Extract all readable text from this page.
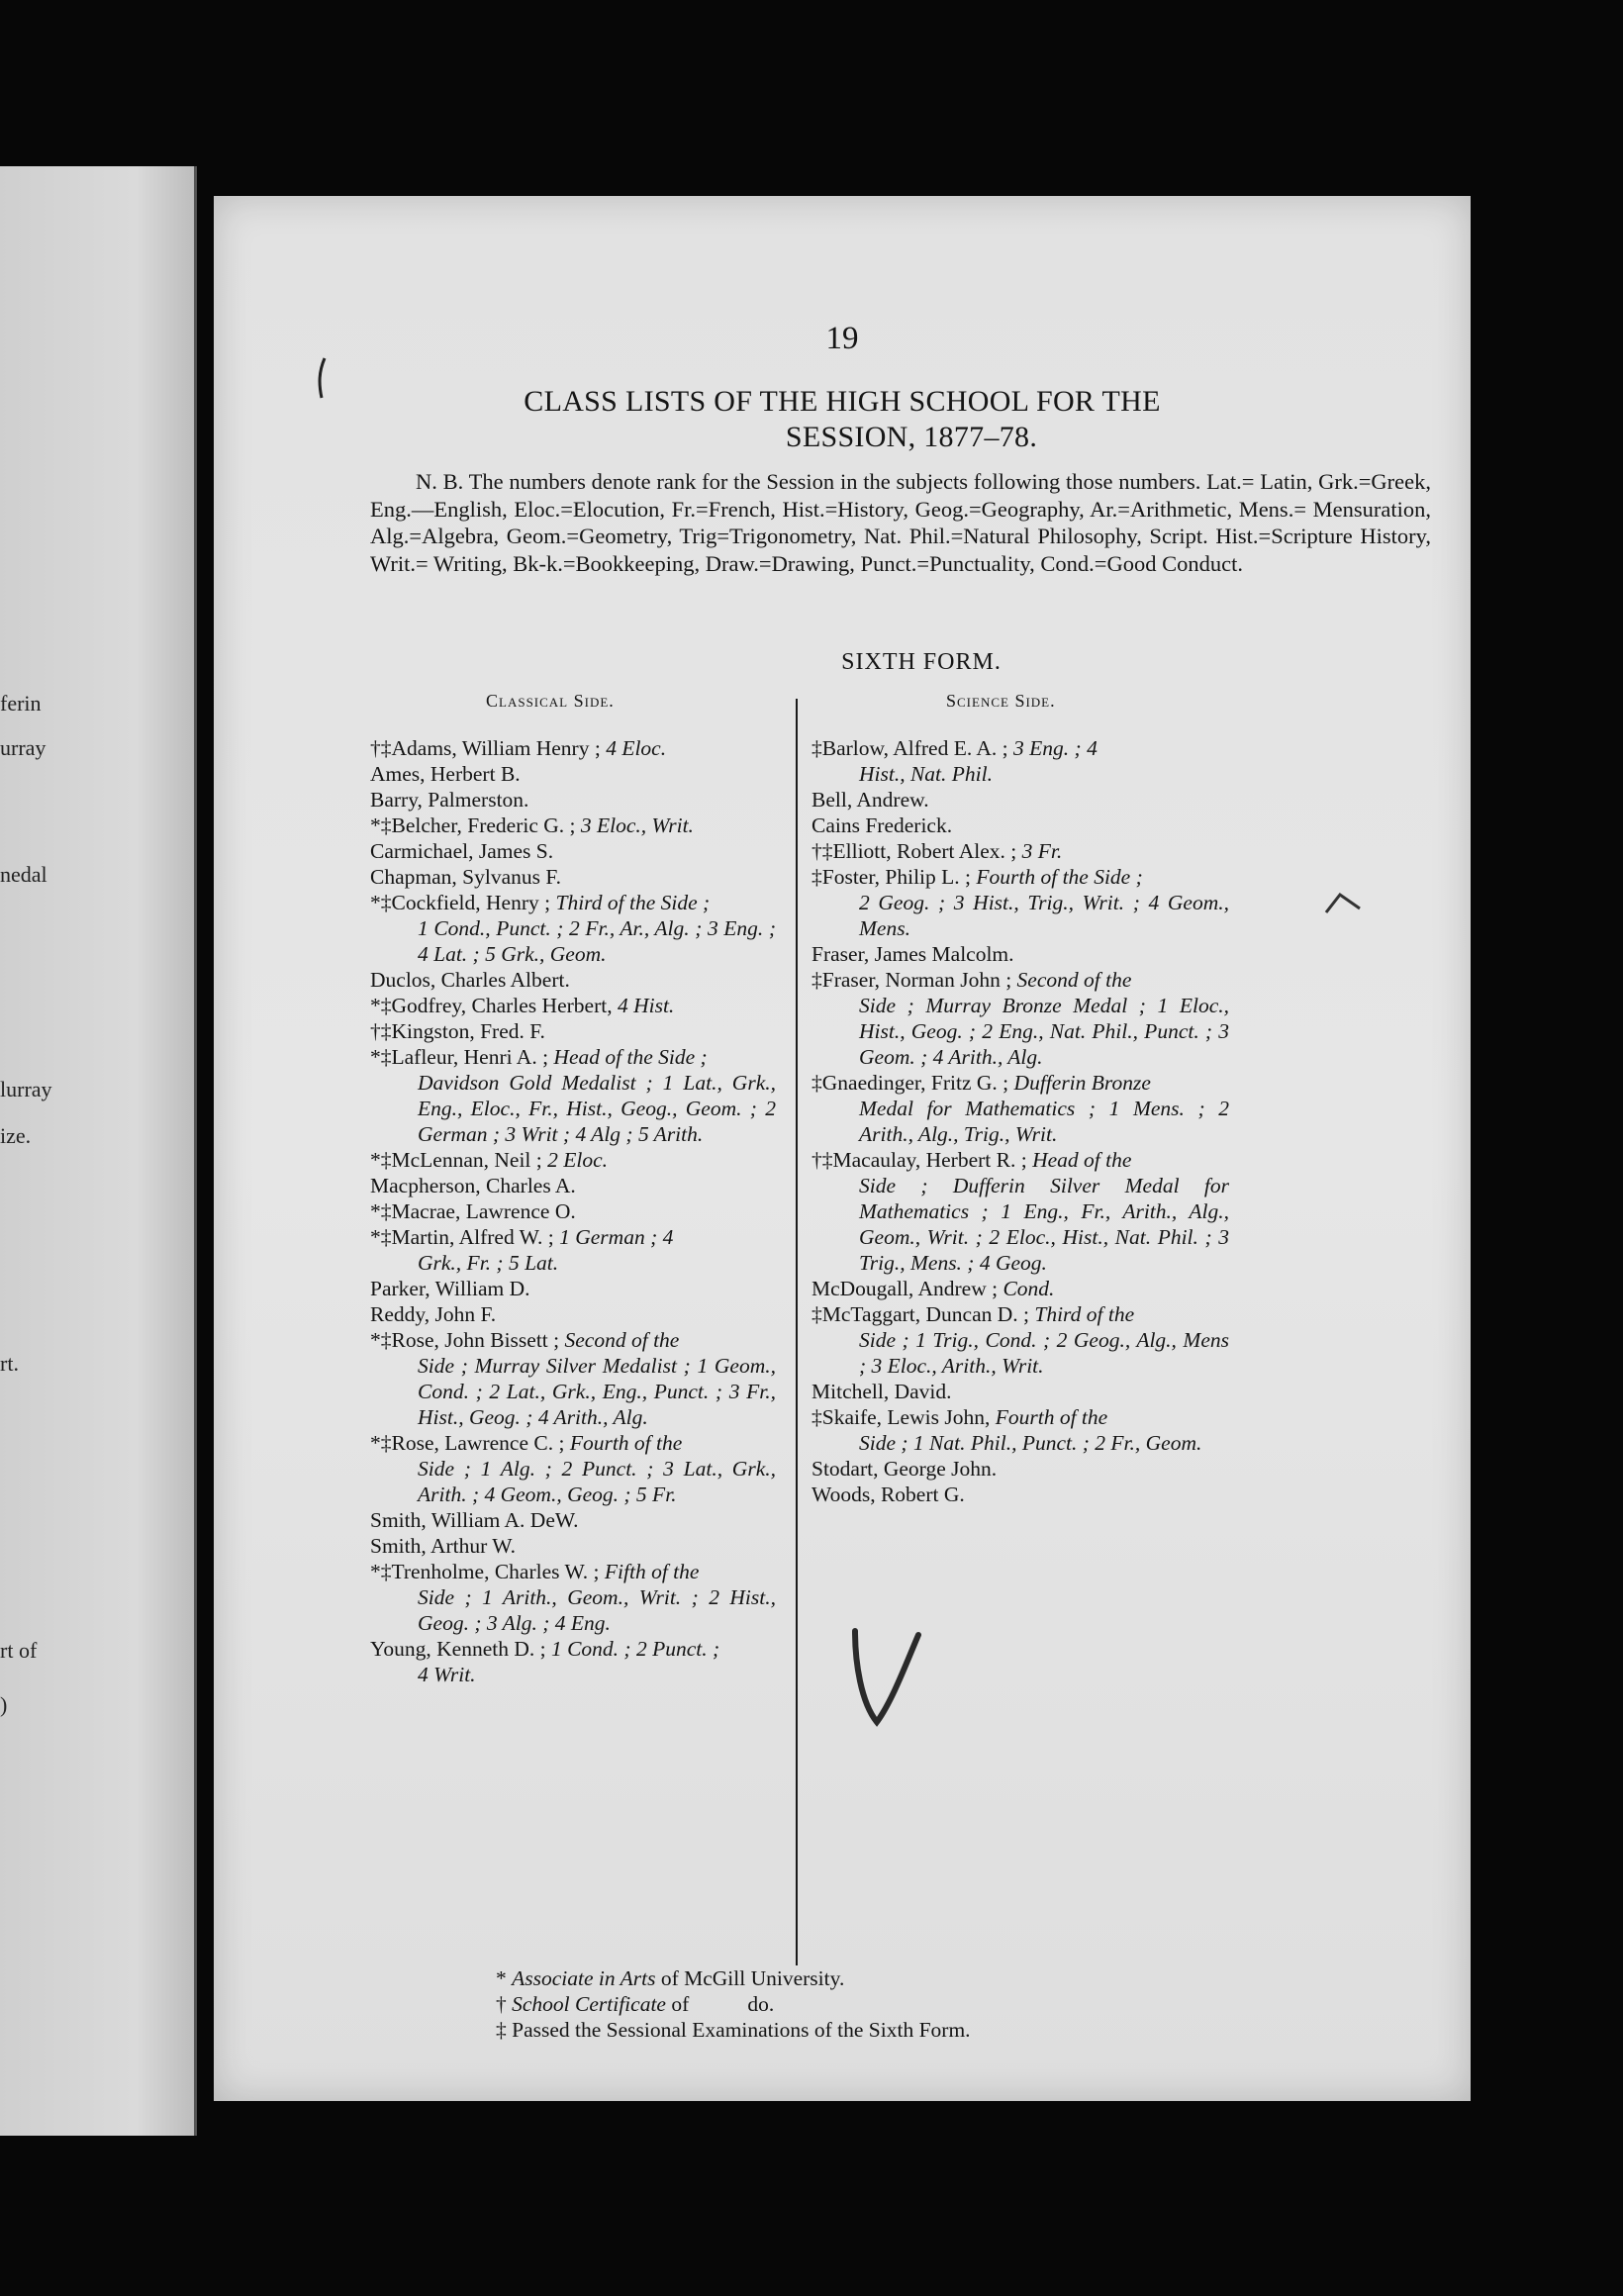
ferin
urray
nedal
lurray
ize.
rt.
rt of
)
19
CLASS LISTS OF THE HIGH SCHOOL FOR THE
SESSION, 1877–78.
N. B. The numbers denote rank for the Session in the subjects following those numbers. Lat.= Latin, Grk.=Greek, Eng.—English, Eloc.=Elocution, Fr.=French, Hist.=History, Geog.=Geography, Ar.=Arithmetic, Mens.= Mensuration, Alg.=Algebra, Geom.=Geometry, Trig=Trigonometry, Nat. Phil.=Natural Philosophy, Script. Hist.=Scripture History, Writ.= Writing, Bk-k.=Bookkeeping, Draw.=Drawing, Punct.=Punctuality, Cond.=Good Conduct.
SIXTH FORM.
Classical Side.	Science Side.
†‡Adams, William Henry ; 4 Eloc.
Ames, Herbert B.
Barry, Palmerston.
*‡Belcher, Frederic G. ; 3 Eloc., Writ.
Carmichael, James S.
Chapman, Sylvanus F.
*‡Cockfield, Henry ; Third of the Side ;
1 Cond., Punct. ; 2 Fr., Ar., Alg. ; 3 Eng. ; 4 Lat. ; 5 Grk., Geom.
Duclos, Charles Albert.
*‡Godfrey, Charles Herbert, 4 Hist.
†‡Kingston, Fred. F.
*‡Lafleur, Henri A. ; Head of the Side ;
Davidson Gold Medalist ; 1 Lat., Grk., Eng., Eloc., Fr., Hist., Geog., Geom. ; 2 German ; 3 Writ ; 4 Alg ; 5 Arith.
*‡McLennan, Neil ; 2 Eloc.
Macpherson, Charles A.
*‡Macrae, Lawrence O.
*‡Martin, Alfred W. ; 1 German ; 4
Grk., Fr. ; 5 Lat.
Parker, William D.
Reddy, John F.
*‡Rose, John Bissett ; Second of the
Side ; Murray Silver Medalist ; 1 Geom., Cond. ; 2 Lat., Grk., Eng., Punct. ; 3 Fr., Hist., Geog. ; 4 Arith., Alg.
*‡Rose, Lawrence C. ; Fourth of the
Side ; 1 Alg. ; 2 Punct. ; 3 Lat., Grk., Arith. ; 4 Geom., Geog. ; 5 Fr.
Smith, William A. DeW.
Smith, Arthur W.
*‡Trenholme, Charles W. ; Fifth of the
Side ; 1 Arith., Geom., Writ. ; 2 Hist., Geog. ; 3 Alg. ; 4 Eng.
Young, Kenneth D. ; 1 Cond. ; 2 Punct. ;
4 Writ.
‡Barlow, Alfred E. A. ; 3 Eng. ; 4
Hist., Nat. Phil.
Bell, Andrew.
Cains Frederick.
†‡Elliott, Robert Alex. ; 3 Fr.
‡Foster, Philip L. ; Fourth of the Side ;
2 Geog. ; 3 Hist., Trig., Writ. ; 4 Geom., Mens.
Fraser, James Malcolm.
‡Fraser, Norman John ; Second of the
Side ; Murray Bronze Medal ; 1 Eloc., Hist., Geog. ; 2 Eng., Nat. Phil., Punct. ; 3 Geom. ; 4 Arith., Alg.
‡Gnaedinger, Fritz G. ; Dufferin Bronze
Medal for Mathematics ; 1 Mens. ; 2 Arith., Alg., Trig., Writ.
†‡Macaulay, Herbert R. ; Head of the
Side ; Dufferin Silver Medal for Mathematics ; 1 Eng., Fr., Arith., Alg., Geom., Writ. ; 2 Eloc., Hist., Nat. Phil. ; 3 Trig., Mens. ; 4 Geog.
McDougall, Andrew ; Cond.
‡McTaggart, Duncan D. ; Third of the
Side ; 1 Trig., Cond. ; 2 Geog., Alg., Mens ; 3 Eloc., Arith., Writ.
Mitchell, David.
‡Skaife, Lewis John, Fourth of the
Side ; 1 Nat. Phil., Punct. ; 2 Fr., Geom.
Stodart, George John.
Woods, Robert G.
* Associate in Arts of McGill University.
† School Certificate of           do.
‡ Passed the Sessional Examinations of the Sixth Form.
